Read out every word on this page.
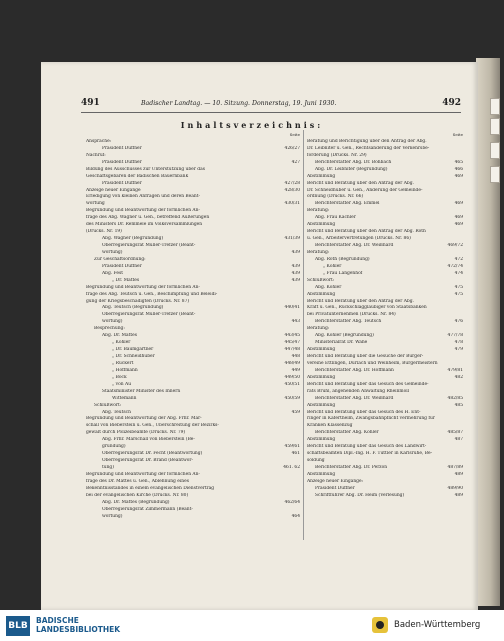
491	Badischer Landtag. — 10. Sitzung. Donnerstag, 19. Juni 1930.	492
Inhaltsverzeichnis:
Seite
Ansprache:
Präsident Duffner	426/27
Nachruf:
Präsident Duffner	427
Bildung des Ausschusses zur Unterstützung über das
Geschäftsgebaren der Badischen Bauernbank
Präsident Duffner	427/28
Anzeige neuer Eingänge	428/30
Erledigung von kleinen Anfragen und deren Beant-
wortung	430/31
Begründung und Beantwortung der förmlichen An-
frage des Abg. Wagner u. Gen., betreffend Äußerungen
des Ministers Dr. Remmele im Volksversammlungen
(Drucks. Nr. 19)
Abg. Wagner (Begründung)	431/39
Oberregierungsrat Müller-Trefzer (Beant-
wortung)	439
Zur Geschäftsordnung:
Präsident Duffner	439
Abg. Fest	439
„ Dr. Mattes	439
Begründung und Beantwortung der förmlichen An-
frage des Abg. Teutsch u. Gen., Beschimpfung und Beleidi-
gung der Kriegsbeschädigten (Drucks. Nr. 87)
Abg. Teutsch (Begründung)	440/41
Oberregierungsrat Müller-Trefzer (Beant-
wortung)	443
Besprechung:
Abg. Dr. Mattes	443/45
„ Köhler	445/47
„ Dr. Baumgartner	447/48
„ Dr. Schneidhuber	448
„ Rückert	448/49
„ Hoffmann	449
„ Bock	449/50
„ von Au	450/51
Staatsminister Minister des Innern
Wittemann	450/59
Schlußwort:
Abg. Teutsch	459
Begründung und Beantwortung der Abg. Frhr. Mar-
schall von Bieberstein u. Gen., Überschreitung der Bezirks-
gewalt durch Polizeibeamte (Drucks. Nr. 79)
Abg. Frhr. Marschall von Bieberstein (Be-
gründung)	459/61
Oberregierungsrat Dr. Fecht (Beantwortung)	461
Oberregierungsrat Dr. Brand (Beantwor-
tung)	461. 62
Begründung und Beantwortung der förmlichen An-
frage des Dr. Mattes u. Gen., Ablehnung eines
Bekenntnisstandes in einem evangelischen Dienstvertrag
bei der evangelischen Kirche (Drucks. Nr. 80)
Abg. Dr. Mattes (Begründung)	462/64
Oberregierungsrat Zimmermann (Beant-
wortung)	464
Seite
Beratung und Berichtigung über den Antrag der Abg.
Dr. Leibniter u. Gen., Rechtsänderung der Verkehrsbe-
förderung (Drucks. Nr. 29)
Berichterstatter Abg. Dr. Bohbach	465
Abg. Dr. Leibniter (Begründung)	466
Abstimmung	469
Bericht und Beratung über den Antrag der Abg.
Dr. Schneidhuber u. Gen., Änderung der Gemeinde-
ordnung (Drucks. Nr. 66)
Berichterstatter Abg. Emmel	469
Beratung:
Abg. Frau Kächler	469
Abstimmung	469
Bericht und Beratung über den Antrag der Abg. Roth
u. Gen., Arbeitervertretungen (Drucks. Nr. 86)
Berichterstatter Abg. Dr. Weißhard	469/72
Beratung:
Abg. Roth (Begründung)	472
„ Köhler	472/74
„ Frau Langenhof	474
Schlußwort:
Abg. Köhler	475
Abstimmung	475
Bericht und Beratung über den Antrag der Abg.
Kraft u. Gen., Rückschlaggläubiger von Staatsbanken
bei Privatunternehmen (Drucks. Nr. 84)
Berichterstatter Abg. Teutsch	476
Beratung:
Abg. Köhler (Begründung)	477/78
Ministerialrat Dr. Wähe	478
Abstimmung	479
Bericht und Beratung über die Gesuche der Bürger-
vereine Ettlingen, Durlach und Weinheim, Bürgermeistern
Berichterstatter Abg. Dr. Hoffmann	479/81
Abstimmung	482
Bericht und Beratung über das Gesuch des Gemeinde-
rats Bruhl, angehenden Anwaltung Rheinmoll
Berichterstatter Abg. Dr. Weißhard	482/85
Abstimmung	485
Bericht und Beratung über das Gesuch des H. Ent-
ringer in Käfertheim, Zwangsbahnpflicht vermehrung für
Kranken Klassenzug
Berichterstatter Abg. Köhler	485/87
Abstimmung	487
Bericht und Beratung über das Gesuch des Landwirt-
schaftsbeamten Dipl.-Ing. H. F. Tuttler in Karlsruhe, Be-
soldung
Berichterstatter Abg. Dr. Perzon	487/89
Abstimmung	489
Anzeige neuer Eingänge:
Präsident Duffner	489/90
Schriftführer Abg. Dr. Heim (Verlesung)	489
BLB
BADISCHE
LANDESBIBLIOTHEK	Baden-Württemberg
